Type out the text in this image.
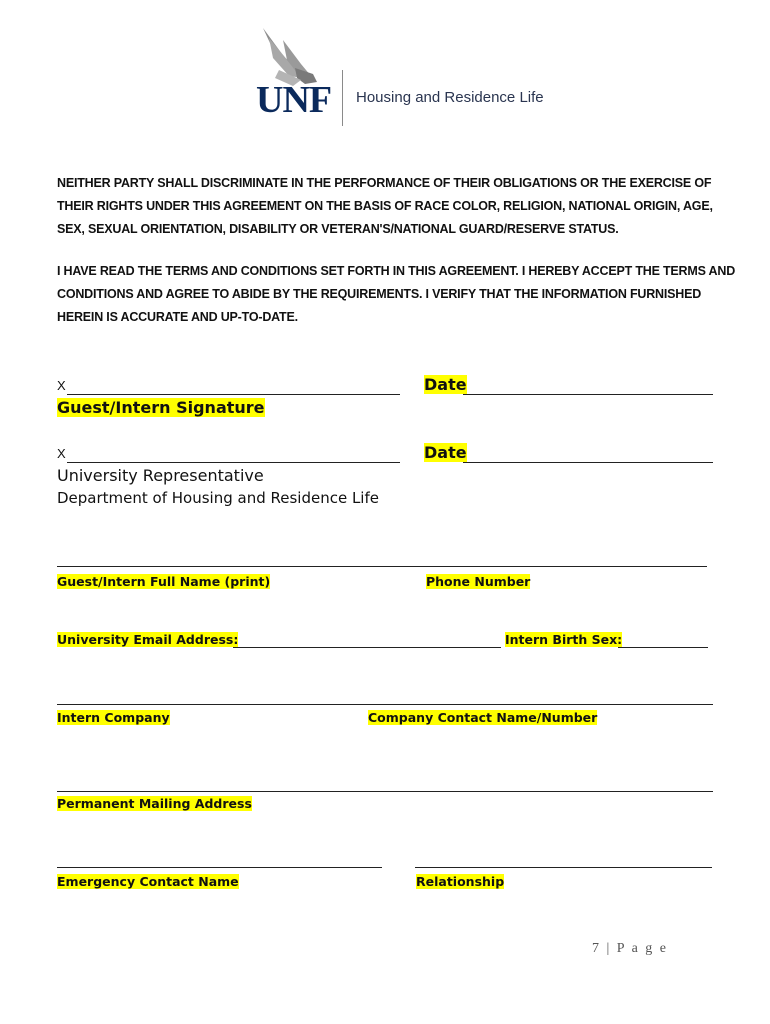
UNF Housing and Residence Life
NEITHER PARTY SHALL DISCRIMINATE IN THE PERFORMANCE OF THEIR OBLIGATIONS OR THE EXERCISE OF THEIR RIGHTS UNDER THIS AGREEMENT ON THE BASIS OF RACE COLOR, RELIGION, NATIONAL ORIGIN, AGE, SEX, SEXUAL ORIENTATION, DISABILITY OR VETERAN'S/NATIONAL GUARD/RESERVE STATUS.
I HAVE READ THE TERMS AND CONDITIONS SET FORTH IN THIS AGREEMENT. I HEREBY ACCEPT THE TERMS AND CONDITIONS AND AGREE TO ABIDE BY THE REQUIREMENTS. I VERIFY THAT THE INFORMATION FURNISHED HEREIN IS ACCURATE AND UP-TO-DATE.
X	Date
Guest/Intern Signature
X	Date
University Representative
Department of Housing and Residence Life
Guest/Intern Full Name (print)	Phone Number
University Email Address:	Intern Birth Sex:
Intern Company	Company Contact Name/Number
Permanent Mailing Address
Emergency Contact Name	Relationship
7 | P a g e
